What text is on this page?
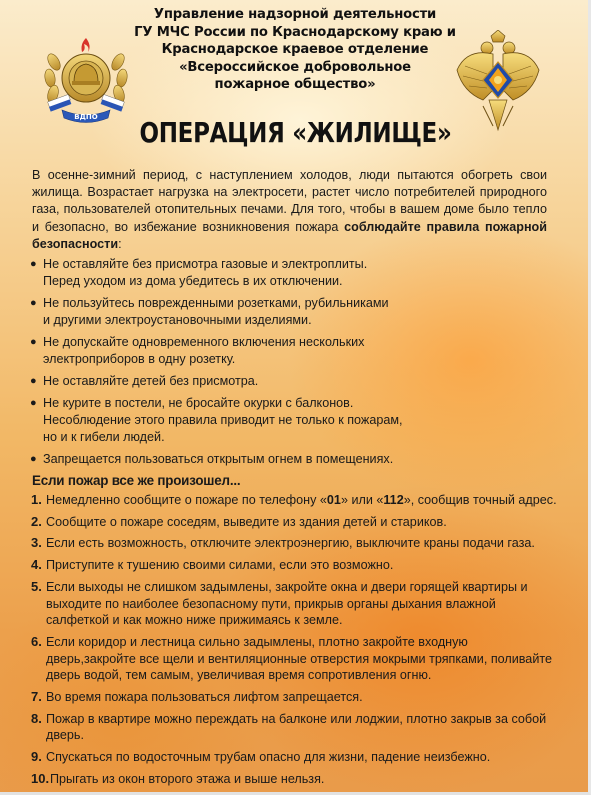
Управление надзорной деятельности
ГУ МЧС России по Краснодарскому краю и
Краснодарское краевое отделение
«Всероссийское добровольное
пожарное общество»
ВДПО
ОПЕРАЦИЯ «ЖИЛИЩЕ»
В осенне-зимний период, с наступлением холодов, люди пытаются обогреть свои жилища. Возрастает нагрузка на электросети, растет число потребителей природного газа, пользователей отопительных печами. Для того, чтобы в вашем доме было тепло и безопасно, во избежание возникновения пожара соблюдайте правила пожарной безопасности:
● Не оставляйте без присмотра газовые и электроплиты.
Перед уходом из дома убедитесь в их отключении.
● Не пользуйтесь поврежденными розетками, рубильниками
и другими электроустановочными изделиями.
● Не допускайте одновременного включения нескольких
электроприборов в одну розетку.
● Не оставляйте детей без присмотра.
● Не курите в постели, не бросайте окурки с балконов.
Несоблюдение этого правила приводит не только к пожарам,
но и к гибели людей.
● Запрещается пользоваться открытым огнем в помещениях.
Если пожар все же произошел...
1. Немедленно сообщите о пожаре по телефону «01» или «112», сообщив точный адрес.
2. Сообщите о пожаре соседям, выведите из здания детей и стариков.
3. Если есть возможность, отключите электроэнергию, выключите краны подачи газа.
4. Приступите к тушению своими силами, если это возможно.
5. Если выходы не слишком задымлены, закройте окна и двери горящей квартиры и выходите по наиболее безопасному пути, прикрыв органы дыхания влажной салфеткой и как можно ниже прижимаясь к земле.
6. Если коридор и лестница сильно задымлены, плотно закройте входную дверь,закройте все щели и вентиляционные отверстия мокрыми тряпками, поливайте дверь водой, тем самым, увеличивая время сопротивления огню.
7. Во время пожара пользоваться лифтом запрещается.
8. Пожар в квартире можно переждать на балконе или лоджии, плотно закрыв за собой дверь.
9. Спускаться по водосточным трубам опасно для жизни, падение неизбежно.
10. Прыгать из окон второго этажа и выше нельзя.
